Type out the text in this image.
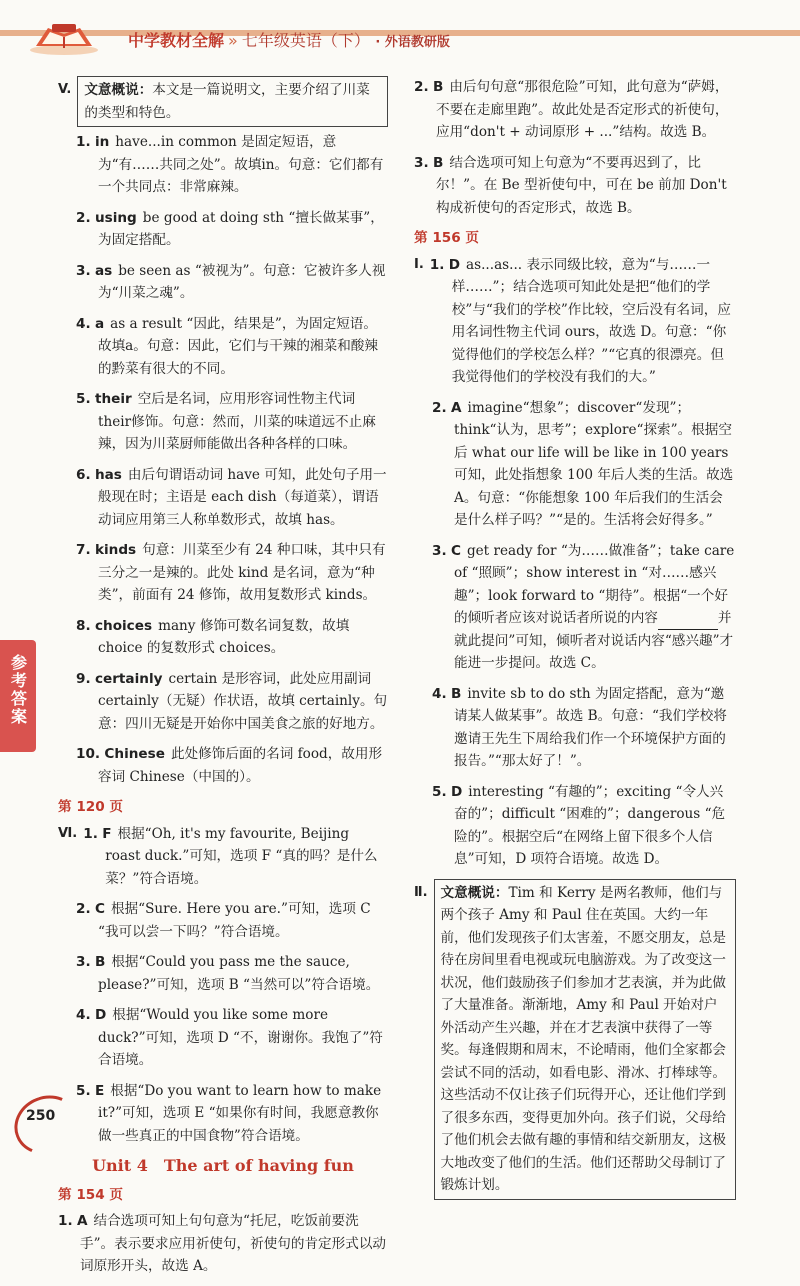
中学教材全解 » 七年级英语（下） · 外语教研版
参考答案
V. 文意概说：本文是一篇说明文，主要介绍了川菜的类型和特色。
1. in have...in common 是固定短语，意为“有……共同之处”。故填in。句意：它们都有一个共同点：非常麻辣。
2. using be good at doing sth “擅长做某事”，为固定搭配。
3. as be seen as “被视为”。句意：它被许多人视为“川菜之魂”。
4. a as a result “因此，结果是”，为固定短语。故填a。句意：因此，它们与干辣的湘菜和酸辣的黔菜有很大的不同。
5. their 空后是名词，应用形容词性物主代词their修饰。句意：然而，川菜的味道远不止麻辣，因为川菜厨师能做出各种各样的口味。
6. has 由后句谓语动词 have 可知，此处句子用一般现在时；主语是 each dish（每道菜），谓语动词应用第三人称单数形式，故填 has。
7. kinds 句意：川菜至少有 24 种口味，其中只有三分之一是辣的。此处 kind 是名词，意为“种类”，前面有 24 修饰，故用复数形式 kinds。
8. choices many 修饰可数名词复数，故填 choice 的复数形式 choices。
9. certainly certain 是形容词，此处应用副词 certainly（无疑）作状语，故填 certainly。句意：四川无疑是开始你中国美食之旅的好地方。
10. Chinese 此处修饰后面的名词 food，故用形容词 Chinese（中国的）。
第 120 页
Ⅵ. 1. F 根据“Oh, it's my favourite, Beijing roast duck.”可知，选项 F “真的吗？是什么菜？”符合语境。
2. C 根据“Sure. Here you are.”可知，选项 C “我可以尝一下吗？”符合语境。
3. B 根据“Could you pass me the sauce, please?”可知，选项 B “当然可以”符合语境。
4. D 根据“Would you like some more duck?”可知，选项 D “不，谢谢你。我饱了”符合语境。
5. E 根据“Do you want to learn how to make it?”可知，选项 E “如果你有时间，我愿意教你做一些真正的中国食物”符合语境。
Unit 4　The art of having fun
第 154 页
1. A 结合选项可知上句句意为“托尼，吃饭前要洗手”。表示要求应用祈使句，祈使句的肯定形式以动词原形开头，故选 A。
2. B 由后句句意“那很危险”可知，此句意为“萨姆，不要在走廊里跑”。故此处是否定形式的祈使句，应用“don't + 动词原形 + ...”结构。故选 B。
3. B 结合选项可知上句意为“不要再迟到了，比尔！”。在 Be 型祈使句中，可在 be 前加 Don't 构成祈使句的否定形式，故选 B。
第 156 页
Ⅰ. 1. D as...as... 表示同级比较，意为“与……一样……”；结合选项可知此处是把“他们的学校”与“我们的学校”作比较，空后没有名词，应用名词性物主代词 ours，故选 D。句意：“你觉得他们的学校怎么样？”“它真的很漂亮。但我觉得他们的学校没有我们的大。”
2. A imagine“想象”；discover“发现”；think“认为，思考”；explore“探索”。根据空后 what our life will be like in 100 years 可知，此处指想象 100 年后人类的生活。故选 A。句意：“你能想象 100 年后我们的生活会是什么样子吗？”“是的。生活将会好得多。”
3. C get ready for “为……做准备”；take care of “照顾”；show interest in “对……感兴趣”；look forward to “期待”。根据“一个好的倾听者应该对说话者所说的内容	并就此提问”可知，倾听者对说话内容“感兴趣”才能进一步提问。故选 C。
4. B invite sb to do sth 为固定搭配，意为“邀请某人做某事”。故选 B。句意：“我们学校将邀请王先生下周给我们作一个环境保护方面的报告。”“那太好了！”。
5. D interesting “有趣的”；exciting “令人兴奋的”；difficult “困难的”；dangerous “危险的”。根据空后“在网络上留下很多个人信息”可知，D 项符合语境。故选 D。
Ⅱ. 文意概说：Tim 和 Kerry 是两名教师，他们与两个孩子 Amy 和 Paul 住在英国。大约一年前，他们发现孩子们太害羞，不愿交朋友，总是待在房间里看电视或玩电脑游戏。为了改变这一状况，他们鼓励孩子们参加才艺表演，并为此做了大量准备。渐渐地，Amy 和 Paul 开始对户外活动产生兴趣，并在才艺表演中获得了一等奖。每逢假期和周末，不论晴雨，他们全家都会尝试不同的活动，如看电影、滑冰、打棒球等。这些活动不仅让孩子们玩得开心，还让他们学到了很多东西，变得更加外向。孩子们说，父母给了他们机会去做有趣的事情和结交新朋友，这极大地改变了他们的生活。他们还帮助父母制订了锻炼计划。
250
